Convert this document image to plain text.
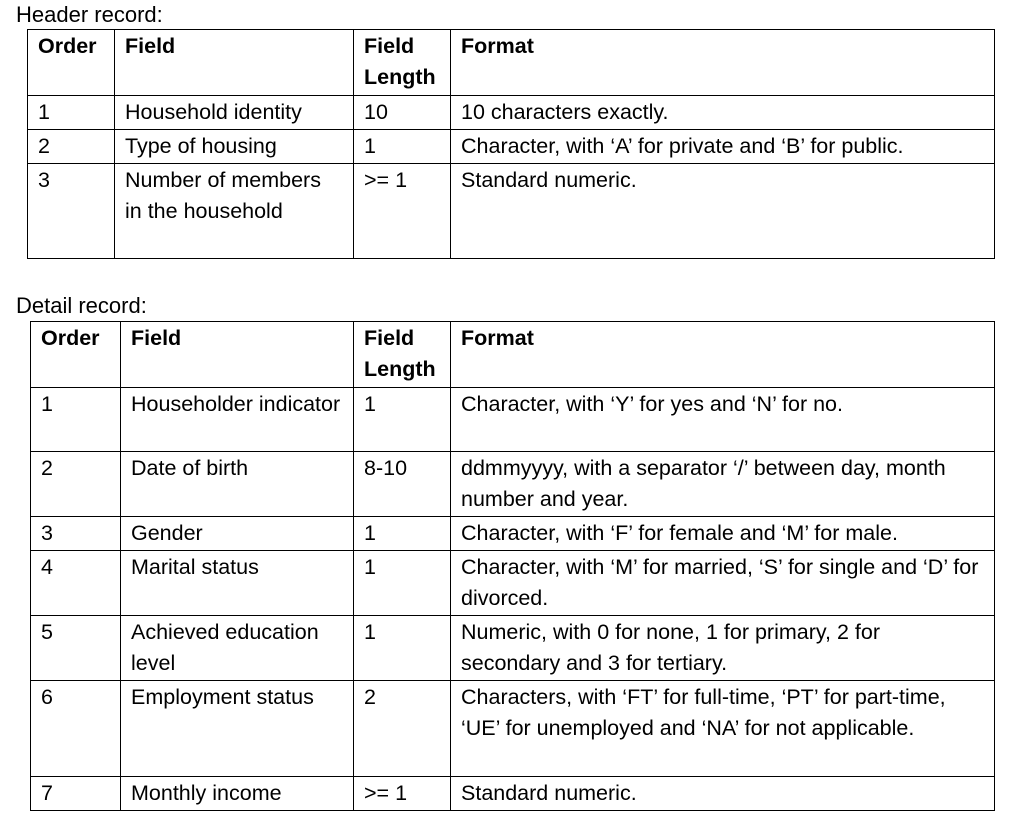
Header record:
Order	Field	Field Length	Format
1	Household identity	10	10 characters exactly.
2	Type of housing	1	Character, with ‘A’ for private and ‘B’ for public.
3	Number of members in the household	>= 1	Standard numeric.
Detail record:
Order	Field	Field Length	Format
1	Householder indicator	1	Character, with ‘Y’ for yes and ‘N’ for no.
2	Date of birth	8-10	ddmmyyyy, with a separator ‘/’ between day, month number and year.
3	Gender	1	Character, with ‘F’ for female and ‘M’ for male.
4	Marital status	1	Character, with ‘M’ for married, ‘S’ for single and ‘D’ for divorced.
5	Achieved education level	1	Numeric, with 0 for none, 1 for primary, 2 for secondary and 3 for tertiary.
6	Employment status	2	Characters, with ‘FT’ for full-time, ‘PT’ for part-time, ‘UE’ for unemployed and ‘NA’ for not applicable.
7	Monthly income	>= 1	Standard numeric.
